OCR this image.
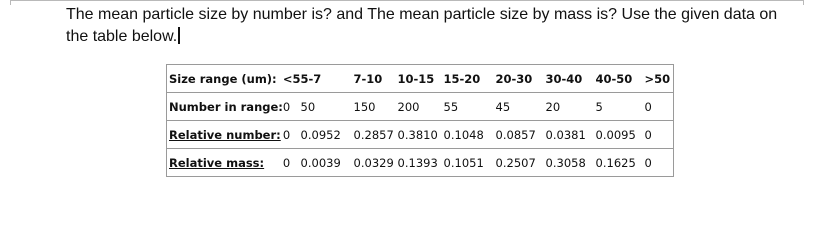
The mean particle size by number is? and The mean particle size by mass is? Use the given data on the table below.
Size range (um):	<5	5-7	7-10	10-15	15-20	20-30	30-40	40-50	>50
Number in range:	0	50	150	200	55	45	20	5	0
Relative number:	0	0.0952	0.2857	0.3810	0.1048	0.0857	0.0381	0.0095	0
Relative mass:	0	0.0039	0.0329	0.1393	0.1051	0.2507	0.3058	0.1625	0
